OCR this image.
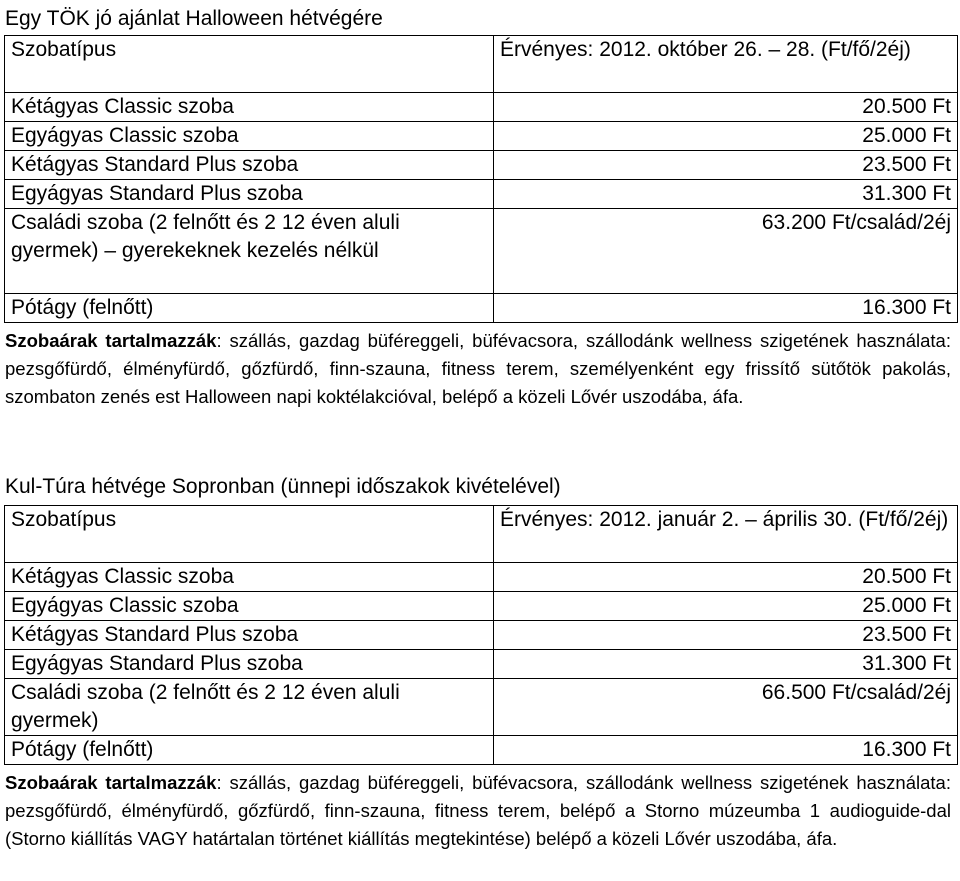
Egy TÖK jó ajánlat Halloween hétvégére
Szobatípus	Érvényes: 2012. október 26. – 28. (Ft/fő/2éj)
Kétágyas Classic szoba	20.500 Ft
Egyágyas Classic szoba	25.000 Ft
Kétágyas Standard Plus szoba	23.500 Ft
Egyágyas Standard Plus szoba	31.300 Ft
Családi szoba (2 felnőtt és 2 12 éven aluli gyermek) – gyerekeknek kezelés nélkül	63.200 Ft/család/2éj
Pótágy (felnőtt)	16.300 Ft
Szobaárak tartalmazzák: szállás, gazdag büféreggeli, büfévacsora, szállodánk wellness szigetének használata: pezsgőfürdő, élményfürdő, gőzfürdő, finn-szauna, fitness terem, személyenként egy frissítő sütőtök pakolás, szombaton zenés est Halloween napi koktélakcióval, belépő a közeli Lővér uszodába, áfa.
Kul-Túra hétvége Sopronban (ünnepi időszakok kivételével)
Szobatípus	Érvényes: 2012. január 2. – április 30. (Ft/fő/2éj)
Kétágyas Classic szoba	20.500 Ft
Egyágyas Classic szoba	25.000 Ft
Kétágyas Standard Plus szoba	23.500 Ft
Egyágyas Standard Plus szoba	31.300 Ft
Családi szoba (2 felnőtt és 2 12 éven aluli gyermek)	66.500 Ft/család/2éj
Pótágy (felnőtt)	16.300 Ft
Szobaárak tartalmazzák: szállás, gazdag büféreggeli, büfévacsora, szállodánk wellness szigetének használata: pezsgőfürdő, élményfürdő, gőzfürdő, finn-szauna, fitness terem, belépő a Storno múzeumba 1 audioguide-dal (Storno kiállítás VAGY határtalan történet kiállítás megtekintése) belépő a közeli Lővér uszodába, áfa.
